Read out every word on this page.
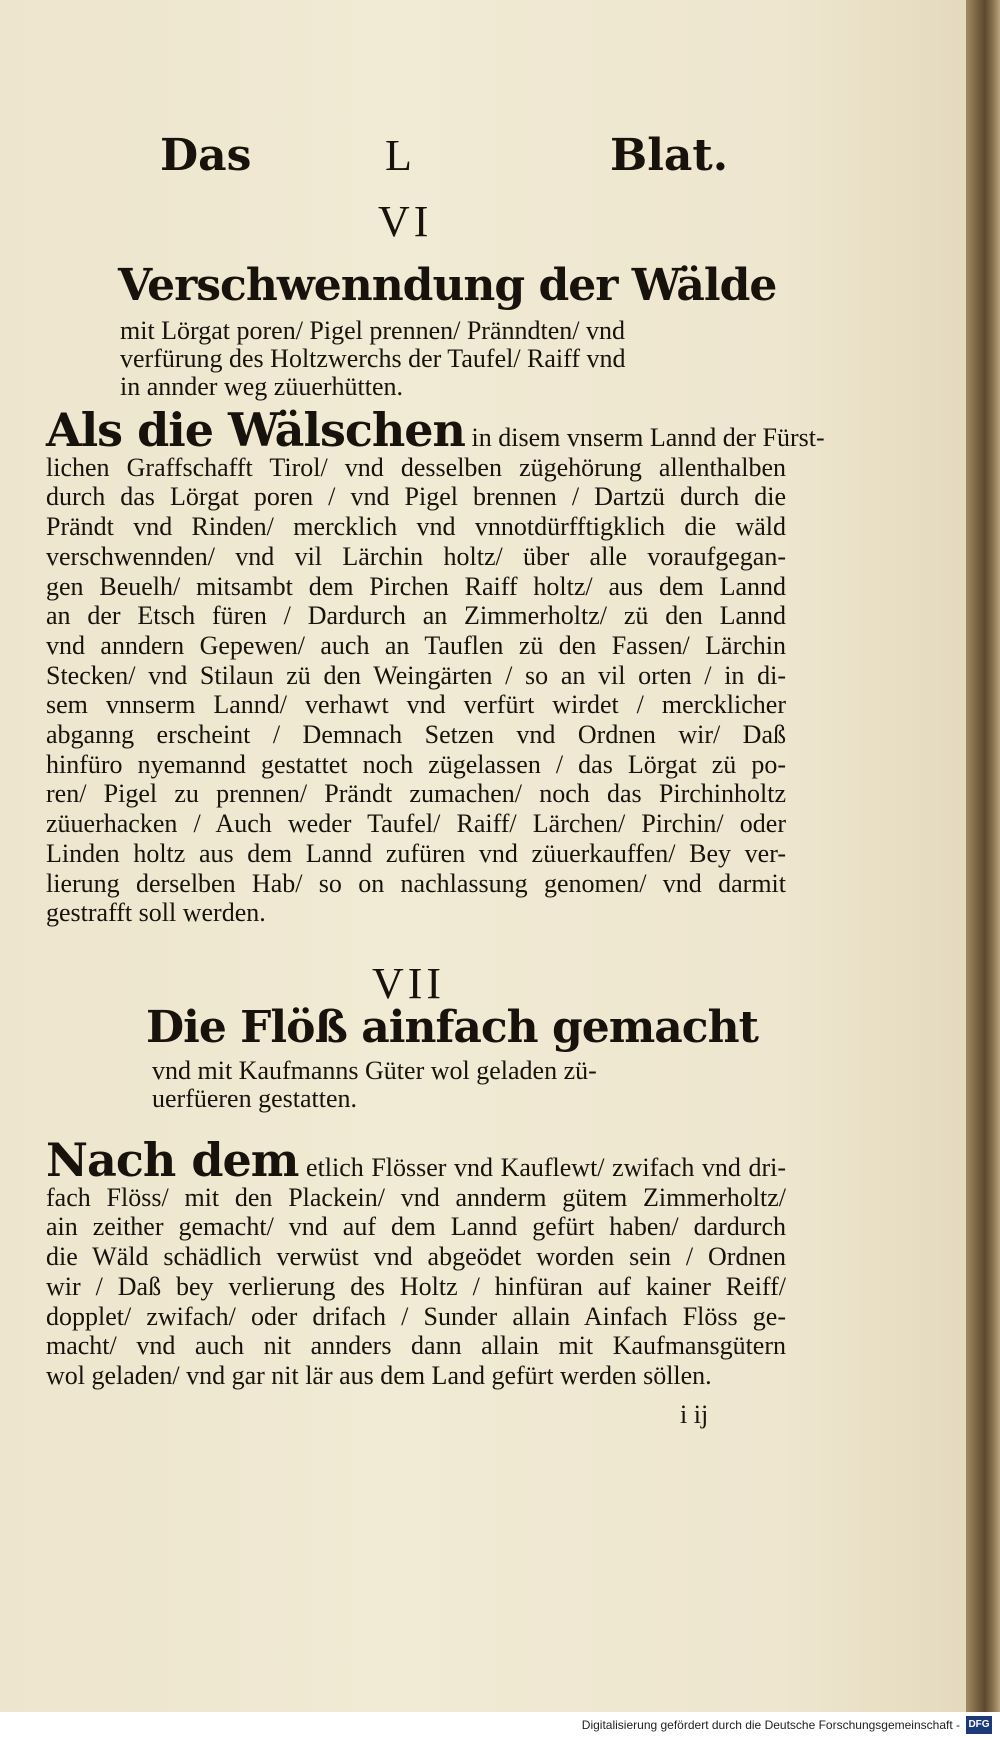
Das	L	Blat.
VI
Verschwenndung der Wälde
mit Lörgat poren/ Pigel prennen/ Pränndten/ vnd
verfürung des Holtzwerchs der Taufel/ Raiff vnd
in annder weg züuerhütten.
Als die Wälschen in disem vnserm Lannd der Fürst-
lichen Graffschafft Tirol/ vnd desselben zügehörung allenthalben
durch das Lörgat poren / vnd Pigel brennen / Dartzü durch die
Prändt vnd Rinden/ mercklich vnd vnnotdürfftigklich die wäld
verschwennden/ vnd vil Lärchin holtz/ über alle voraufgegan-
gen Beuelh/ mitsambt dem Pirchen Raiff holtz/ aus dem Lannd
an der Etsch füren / Dardurch an Zimmerholtz/ zü den Lannd
vnd anndern Gepewen/ auch an Tauflen zü den Fassen/ Lärchin
Stecken/ vnd Stilaun zü den Weingärten / so an vil orten / in di-
sem vnnserm Lannd/ verhawt vnd verfürt wirdet / mercklicher
abganng erscheint / Demnach Setzen vnd Ordnen wir/ Daß
hinfüro nyemannd gestattet noch zügelassen / das Lörgat zü po-
ren/ Pigel zu prennen/ Prändt zumachen/ noch das Pirchinholtz
züuerhacken / Auch weder Taufel/ Raiff/ Lärchen/ Pirchin/ oder
Linden holtz aus dem Lannd zufüren vnd züuerkauffen/ Bey ver-
lierung derselben Hab/ so on nachlassung genomen/ vnd darmit
gestrafft soll werden.
VII
Die Flöß ainfach gemacht
vnd mit Kaufmanns Güter wol geladen zü-
uerfüeren gestatten.
Nach dem etlich Flösser vnd Kauflewt/ zwifach vnd dri-
fach Flöss/ mit den Plackein/ vnd annderm gütem Zimmerholtz/
ain zeither gemacht/ vnd auf dem Lannd gefürt haben/ dardurch
die Wäld schädlich verwüst vnd abgeödet worden sein / Ordnen
wir / Daß bey verlierung des Holtz / hinfüran auf kainer Reiff/
dopplet/ zwifach/ oder drifach / Sunder allain Ainfach Flöss ge-
macht/ vnd auch nit annders dann allain mit Kaufmansgütern
wol geladen/ vnd gar nit lär aus dem Land gefürt werden söllen.
i ij
Digitalisierung gefördert durch die Deutsche Forschungsgemeinschaft - DFG
